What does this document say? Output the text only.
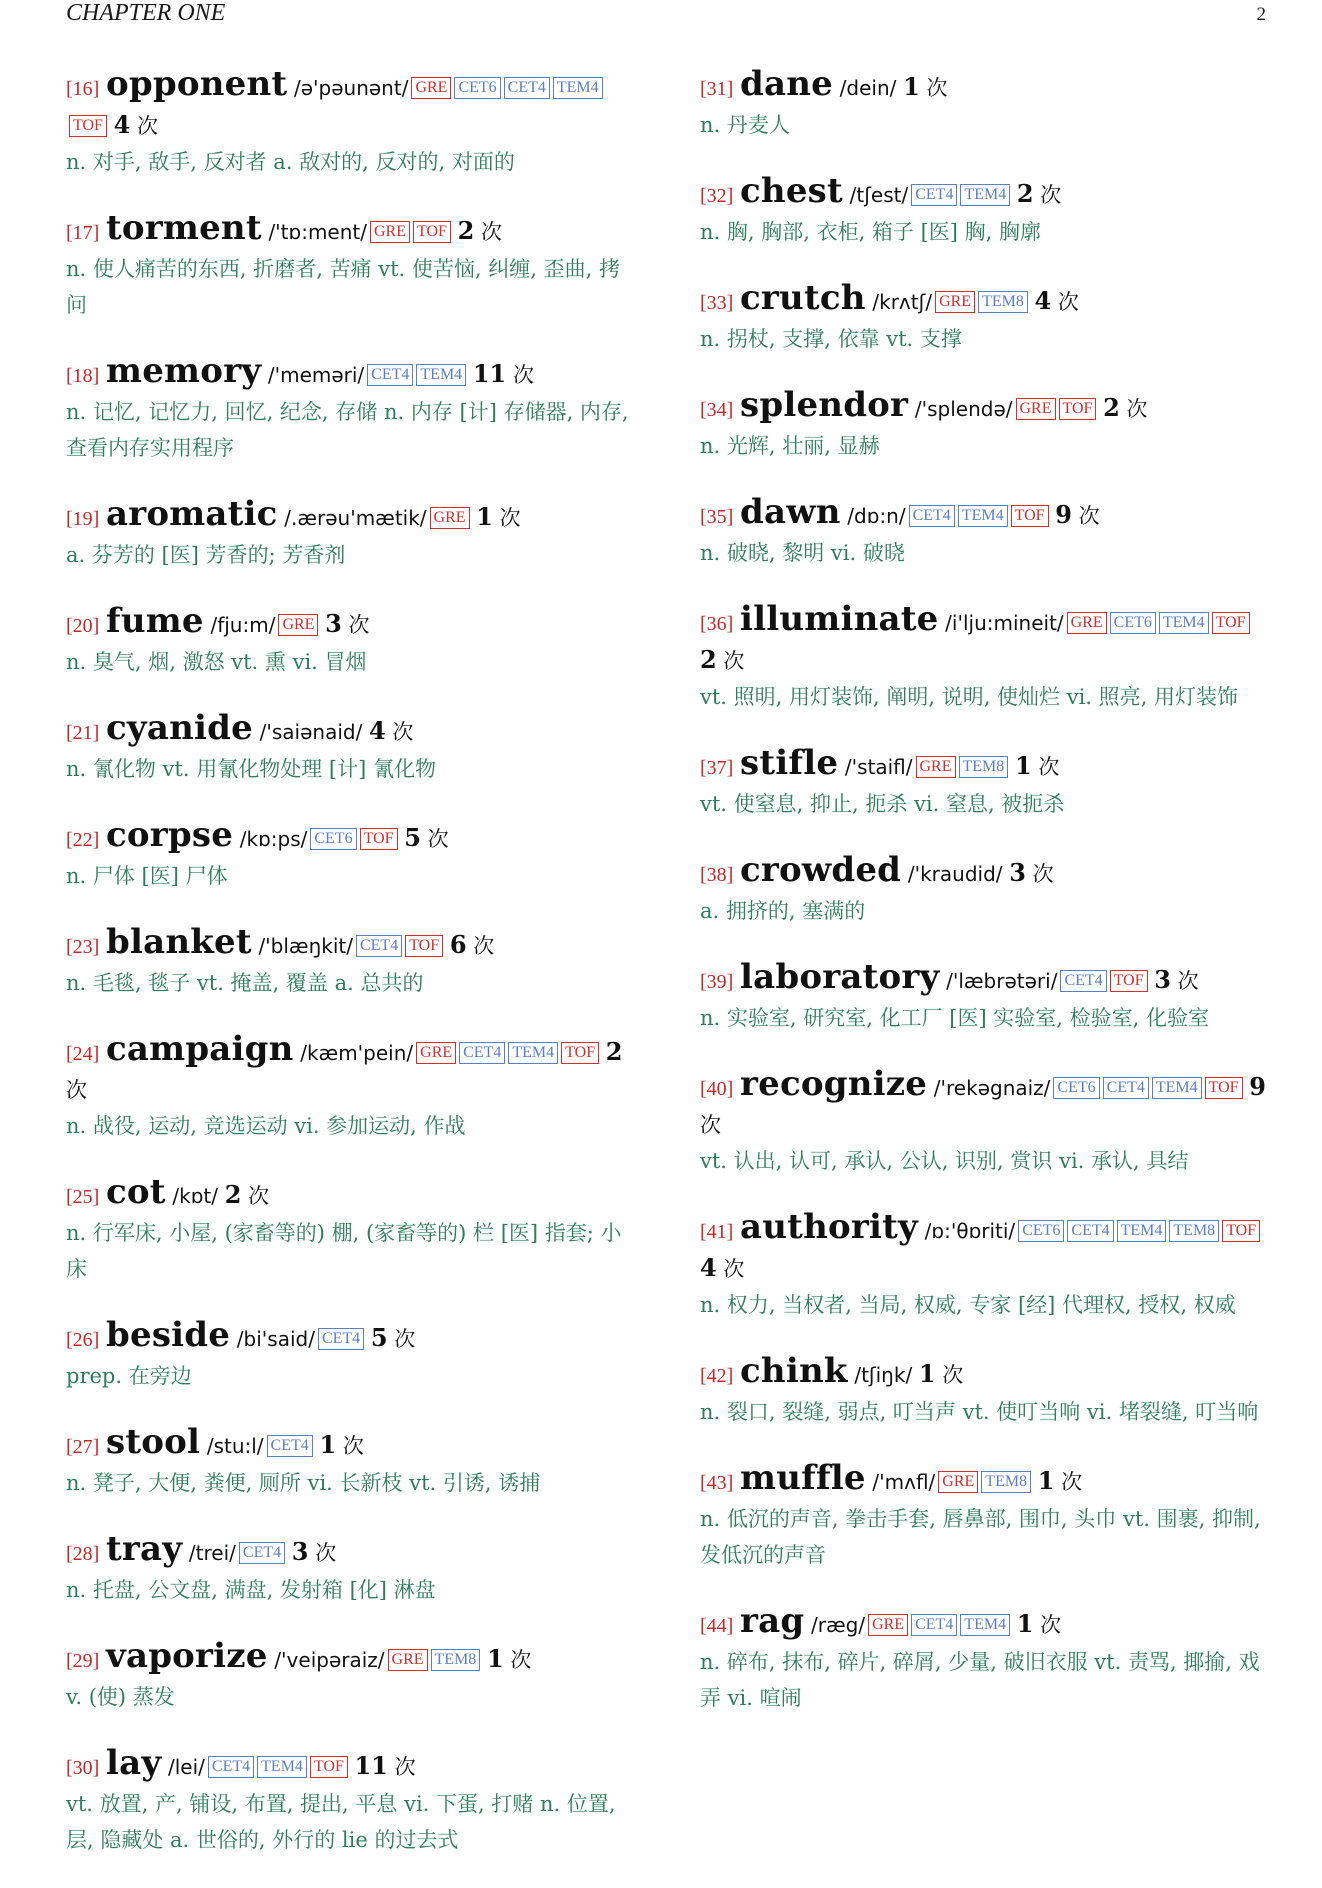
CHAPTER ONE	2
[16] opponent /ə'pəunənt/ GRE CET6 CET4 TEM4TOF 4 次
n. 对手, 敌手, 反对者 a. 敌对的, 反对的, 对面的
[17] torment /'tɒ:ment/ GRE TOF 2 次
n. 使人痛苦的东西, 折磨者, 苦痛 vt. 使苦恼, 纠缠, 歪曲, 拷问
[18] memory /'meməri/ CET4 TEM4 11 次
n. 记忆, 记忆力, 回忆, 纪念, 存储 n. 内存 [计] 存储器, 内存, 查看内存实用程序
[19] aromatic /.ærəu'mætik/ GRE 1 次
a. 芬芳的 [医] 芳香的; 芳香剂
[20] fume /fju:m/ GRE 3 次
n. 臭气, 烟, 激怒 vt. 熏 vi. 冒烟
[21] cyanide /'saiənaid/ 4 次
n. 氰化物 vt. 用氰化物处理 [计] 氰化物
[22] corpse /kɒ:ps/ CET6 TOF 5 次
n. 尸体 [医] 尸体
[23] blanket /'blæŋkit/ CET4 TOF 6 次
n. 毛毯, 毯子 vt. 掩盖, 覆盖 a. 总共的
[24] campaign /kæm'pein/ GRE CET4 TEM4 TOF 2 次
n. 战役, 运动, 竞选运动 vi. 参加运动, 作战
[25] cot /kɒt/ 2 次
n. 行军床, 小屋, (家畜等的) 棚, (家畜等的) 栏 [医] 指套; 小床
[26] beside /bi'said/ CET4 5 次
prep. 在旁边
[27] stool /stu:l/ CET4 1 次
n. 凳子, 大便, 粪便, 厕所 vi. 长新枝 vt. 引诱, 诱捕
[28] tray /trei/ CET4 3 次
n. 托盘, 公文盘, 满盘, 发射箱 [化] 淋盘
[29] vaporize /'veipəraiz/ GRE TEM8 1 次
v. (使) 蒸发
[30] lay /lei/ CET4 TEM4 TOF 11 次
vt. 放置, 产, 铺设, 布置, 提出, 平息 vi. 下蛋, 打赌 n. 位置, 层, 隐藏处 a. 世俗的, 外行的 lie 的过去式
[31] dane /dein/ 1 次
n. 丹麦人
[32] chest /tʃest/ CET4 TEM4 2 次
n. 胸, 胸部, 衣柜, 箱子 [医] 胸, 胸廓
[33] crutch /krʌtʃ/ GRE TEM8 4 次
n. 拐杖, 支撑, 依靠 vt. 支撑
[34] splendor /'splendə/ GRE TOF 2 次
n. 光辉, 壮丽, 显赫
[35] dawn /dɒ:n/ CET4 TEM4 TOF 9 次
n. 破晓, 黎明 vi. 破晓
[36] illuminate /i'lju:mineit/ GRE CET6 TEM4 TOF 2 次
vt. 照明, 用灯装饰, 阐明, 说明, 使灿烂 vi. 照亮, 用灯装饰
[37] stifle /'staifl/ GRE TEM8 1 次
vt. 使窒息, 抑止, 扼杀 vi. 窒息, 被扼杀
[38] crowded /'kraudid/ 3 次
a. 拥挤的, 塞满的
[39] laboratory /'læbrətəri/ CET4 TOF 3 次
n. 实验室, 研究室, 化工厂 [医] 实验室, 检验室, 化验室
[40] recognize /'rekəgnaiz/ CET6 CET4 TEM4 TOF 9 次
vt. 认出, 认可, 承认, 公认, 识别, 赏识 vi. 承认, 具结
[41] authority /ɒ:'θɒriti/ CET6 CET4 TEM4 TEM8 TOF 4 次
n. 权力, 当权者, 当局, 权威, 专家 [经] 代理权, 授权, 权威
[42] chink /tʃiŋk/ 1 次
n. 裂口, 裂缝, 弱点, 叮当声 vt. 使叮当响 vi. 堵裂缝, 叮当响
[43] muffle /'mʌfl/ GRE TEM8 1 次
n. 低沉的声音, 拳击手套, 唇鼻部, 围巾, 头巾 vt. 围裹, 抑制, 发低沉的声音
[44] rag /ræg/ GRE CET4 TEM4 1 次
n. 碎布, 抹布, 碎片, 碎屑, 少量, 破旧衣服 vt. 责骂, 揶揄, 戏弄 vi. 喧闹
